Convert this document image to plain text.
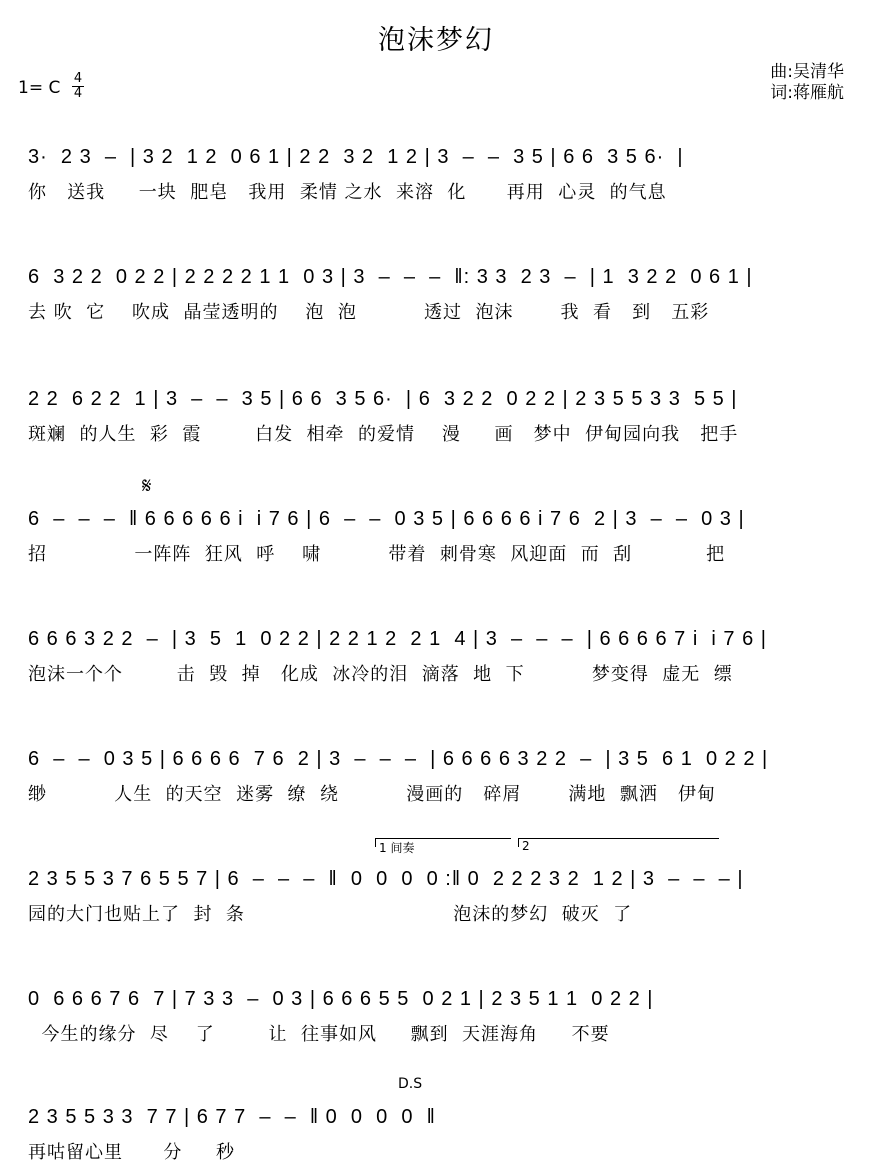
泡沫梦幻
1= C $\frac{4}{4}$	曲:吴清华
词:蒋雁航
3·  2 3  –  | 3 2  1 2  0 6 1 | 2 2  3 2  1 2 | 3  –  –  3 5 | 6 6  3 5 6·  |
你   送我     一块  肥皂   我用  柔情 之水  来溶  化      再用  心灵  的气息
6  3 2 2  0 2 2 | 2 2 2 2 1 1  0 3 | 3  –  –  –  ‖: 3 3  2 3  –  | 1  3 2 2  0 6 1 |
去 吹  它    吹成  晶莹透明的    泡  泡          透过  泡沫       我  看   到   五彩
2 2  6 2 2  1 | 3  –  –  3 5 | 6 6  3 5 6·  | 6  3 2 2  0 2 2 | 2 3 5 5 3 3  5 5 |
斑斓  的人生  彩  霞        白发  相牵  的爱情    漫     画   梦中  伊甸园向我   把手
𝄋
6  –  –  –  ‖ 6 6 6 6 6 i  i 7 6 | 6  –  –  0 3 5 | 6 6 6 6 i 7 6  2 | 3  –  –  0 3 |
招             一阵阵  狂风  呼    啸          带着  刺骨寒  风迎面  而  刮           把
6 6 6 3 2 2  –  | 3  5  1  0 2 2 | 2 2 1 2  2 1  4 | 3  –  –  –  | 6 6 6 6 7 i  i 7 6 |
泡沫一个个        击  毁  掉   化成  冰冷的泪  滴落  地  下          梦变得  虚无  缥
6  –  –  0 3 5 | 6 6 6 6  7 6  2 | 3  –  –  –  | 6 6 6 6 3 2 2  –  | 3 5  6 1  0 2 2 |
缈          人生  的天空  迷雾  缭  绕          漫画的   碎屑       满地  飘洒   伊甸
1 间奏	2
2 3 5 5 3 7 6 5 5 7 | 6  –  –  –  ‖  0  0  0  0 :‖ 0  2 2 2 3 2  1 2 | 3  –  –  – |
园的大门也贴上了  封  条                               泡沫的梦幻  破灭  了
0  6 6 6 7 6  7 | 7 3 3  –  0 3 | 6 6 6 5 5  0 2 1 | 2 3 5 1 1  0 2 2 |
今生的缘分  尽    了        让  往事如风     飘到  天涯海角     不要
D.S
2 3 5 5 3 3  7 7 | 6 7 7  –  –  ‖ 0  0  0  0  ‖
再咕留心里      分     秒
